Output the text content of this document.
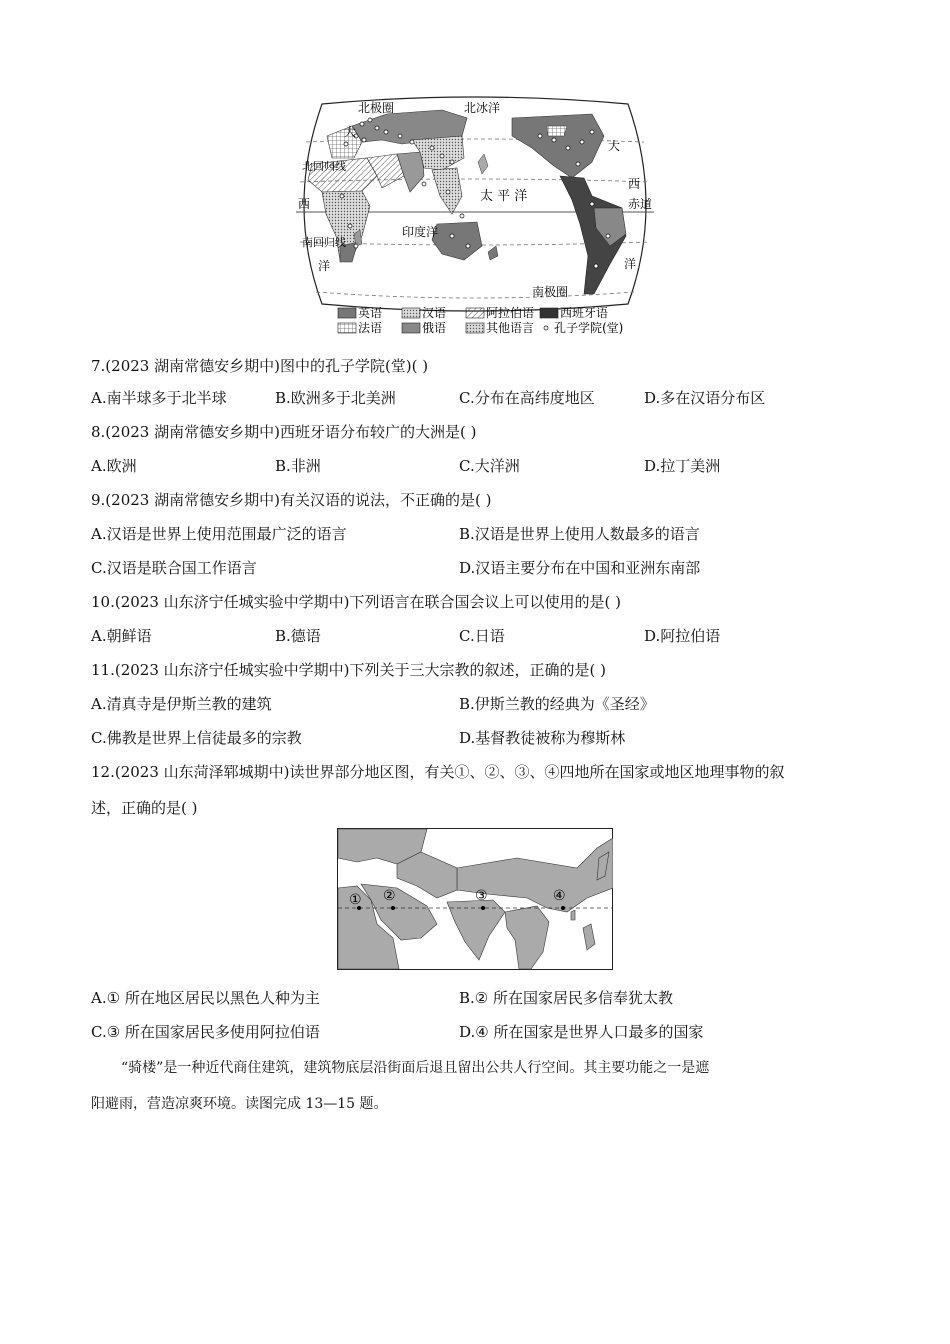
北极圈	北冰洋
大
大
北回归线
西
西
太 平 洋	赤道
印度洋
南回归线
洋	洋
南极圈
英语	汉语	阿拉伯语 西班牙语
法语	俄语	其他语言 孔子学院(堂)
7.(2023 湖南常德安乡期中)图中的孔子学院(堂)( )
A.南半球多于北半球	B.欧洲多于北美洲	C.分布在高纬度地区	D.多在汉语分布区
8.(2023 湖南常德安乡期中)西班牙语分布较广的大洲是( )
A.欧洲	B.非洲	C.大洋洲	D.拉丁美洲
9.(2023 湖南常德安乡期中)有关汉语的说法，不正确的是( )
A.汉语是世界上使用范围最广泛的语言	B.汉语是世界上使用人数最多的语言
C.汉语是联合国工作语言	D.汉语主要分布在中国和亚洲东南部
10.(2023 山东济宁任城实验中学期中)下列语言在联合国会议上可以使用的是( )
A.朝鲜语	B.德语	C.日语	D.阿拉伯语
11.(2023 山东济宁任城实验中学期中)下列关于三大宗教的叙述，正确的是( )
A.清真寺是伊斯兰教的建筑	B.伊斯兰教的经典为《圣经》
C.佛教是世界上信徒最多的宗教	D.基督教徒被称为穆斯林
12.(2023 山东菏泽郓城期中)读世界部分地区图，有关①、②、③、④四地所在国家或地区地理事物的叙
述，正确的是( )
① ②	③	④
A.① 所在地区居民以黑色人种为主	B.② 所在国家居民多信奉犹太教
C.③ 所在国家居民多使用阿拉伯语	D.④ 所在国家是世界人口最多的国家
“骑楼”是一种近代商住建筑，建筑物底层沿街面后退且留出公共人行空间。其主要功能之一是遮
阳避雨，营造凉爽环境。读图完成 13—15 题。
